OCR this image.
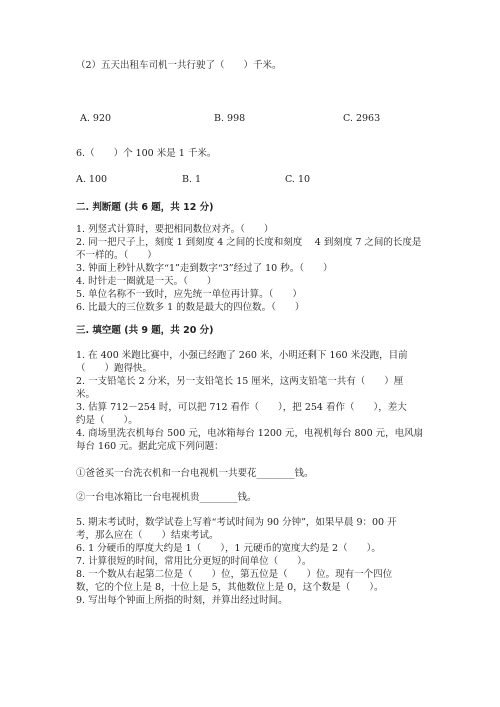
（2）五天出租车司机一共行驶了（　　）千米。
A. 920	B. 998	C. 2963
6.（　　）个 100 米是 1 千米。
A. 100	B. 1	C. 10
二. 判断题 (共 6 题，共 12 分)
1. 列竖式计算时，要把相同数位对齐。（　　）
2. 同一把尺子上，刻度 1 到刻度 4 之间的长度和刻度　 4 到刻度 7 之间的长度是
不一样的。（　　）
3. 钟面上秒针从数字“1”走到数字“3”经过了 10 秒。（　　）
4. 时针走一圈就是一天。（　　）
5. 单位名称不一致时，应先统一单位再计算。（　　）
6. 比最大的三位数多 1 的数是最大的四位数。（　　）
三. 填空题 (共 9 题，共 20 分)
1. 在 400 米跑比赛中，小强已经跑了 260 米，小明还剩下 160 米没跑，目前
（　　）跑得快。
2. 一支铅笔长 2 分米，另一支铅笔长 15 厘米，这两支铅笔一共有（　　）厘
米。
3. 估算 712－254 时，可以把 712 看作（　　），把 254 看作（　　），差大
约是（　　）。
4. 商场里洗衣机每台 500 元，电冰箱每台 1200 元，电视机每台 800 元，电风扇
每台 160 元。据此完成下列问题：
①爸爸买一台洗衣机和一台电视机一共要花________钱。
②一台电冰箱比一台电视机贵________钱。
5. 期末考试时，数学试卷上写着“考试时间为 90 分钟”，如果早晨 9：00 开
考，那么应在（　　）结束考试。
6. 1 分硬币的厚度大约是 1（　　），1 元硬币的宽度大约是 2（　　）。
7. 计算很短的时间，常用比分更短的时间单位（　　）。
8. 一个数从右起第二位是（　　）位，第五位是（　　）位。现有一个四位
数，它的个位上是 8，十位上是 5，其他数位上是 0，这个数是（　　）。
9. 写出每个钟面上所指的时刻，并算出经过时间。
